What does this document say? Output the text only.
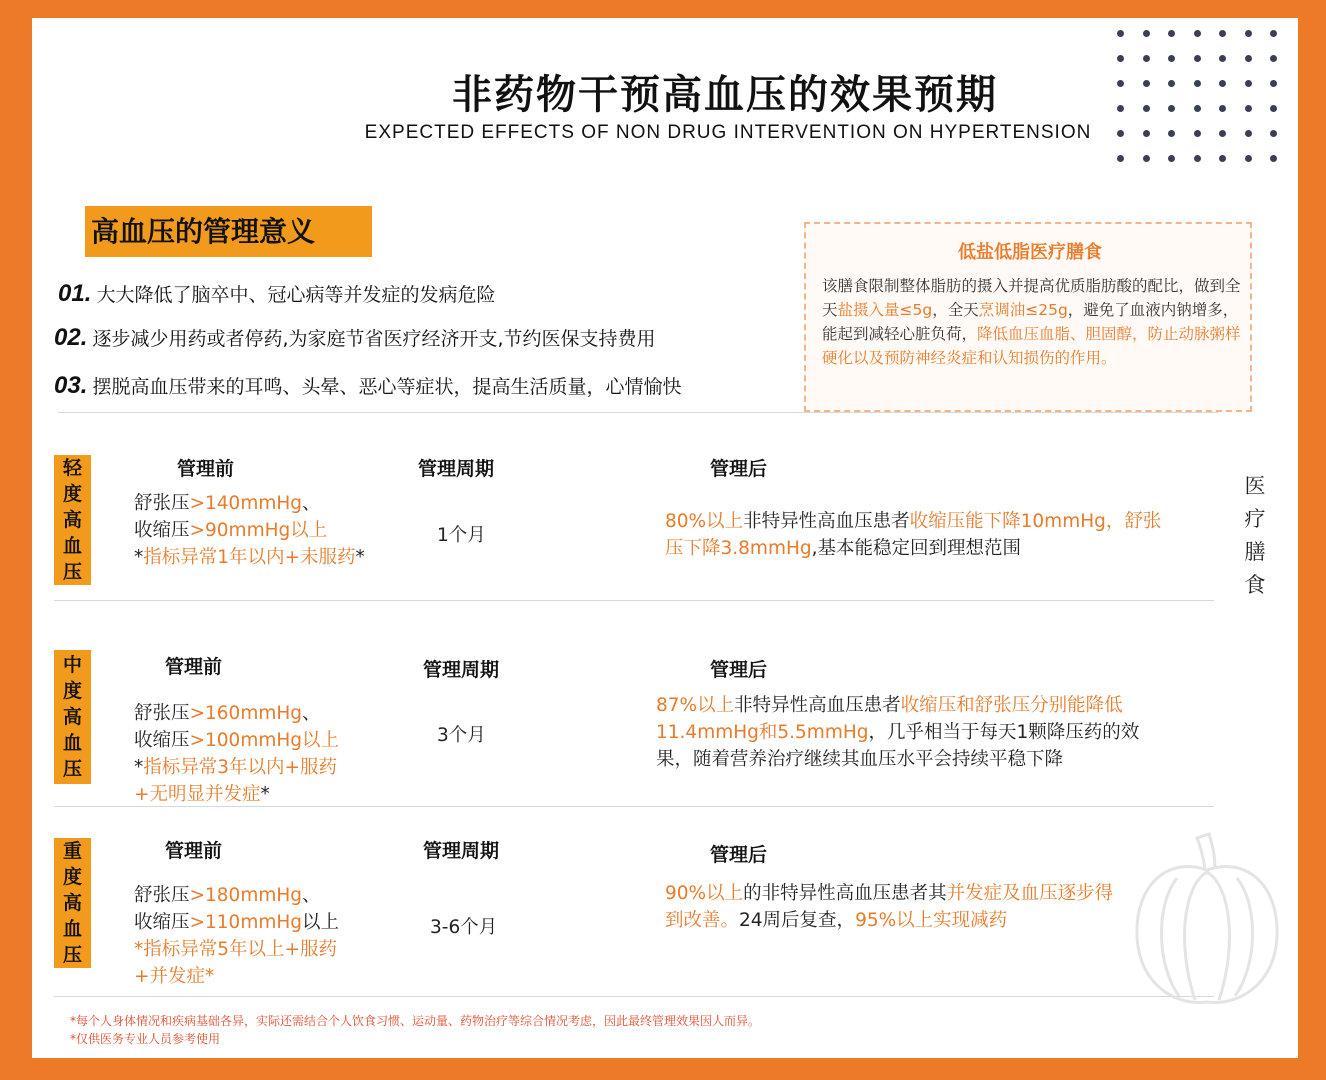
非药物干预高血压的效果预期
EXPECTED EFFECTS OF NON DRUG INTERVENTION ON HYPERTENSION
高血压的管理意义
01. 大大降低了脑卒中、冠心病等并发症的发病危险
02. 逐步减少用药或者停药,为家庭节省医疗经济开支,节约医保支持费用
03. 摆脱高血压带来的耳鸣、头晕、恶心等症状，提高生活质量，心情愉快
低盐低脂医疗膳食
该膳食限制整体脂肪的摄入并提高优质脂肪酸的配比，做到全天盐摄入量≤5g，全天烹调油≤25g，避免了血液内钠增多，能起到减轻心脏负荷，降低血压血脂、胆固醇，防止动脉粥样硬化以及预防神经炎症和认知损伤的作用。
轻
度
高
血
压
管理前	管理周期	管理后
舒张压>140mmHg、
收缩压>90mmHg以上
*指标异常1年以内+未服药*
1个月
80%以上非特异性高血压患者收缩压能下降10mmHg，舒张
压下降3.8mmHg,基本能稳定回到理想范围
中
度
高
血
压
管理前	管理周期	管理后
舒张压>160mmHg、
收缩压>100mmHg以上
*指标异常3年以内+服药
+无明显并发症*
3个月
87%以上非特异性高血压患者收缩压和舒张压分别能降低
11.4mmHg和5.5mmHg，几乎相当于每天1颗降压药的效
果，随着营养治疗继续其血压水平会持续平稳下降
重
度
高
血
压
管理前	管理周期	管理后
舒张压>180mmHg、
收缩压>110mmHg以上
*指标异常5年以上+服药
+并发症*
3-6个月
90%以上的非特异性高血压患者其并发症及血压逐步得
到改善。24周后复查，95%以上实现减药
医
疗
膳
食
*每个人身体情况和疾病基础各异，实际还需结合个人饮食习惯、运动量、药物治疗等综合情况考虑，因此最终管理效果因人而异。
*仅供医务专业人员参考使用
